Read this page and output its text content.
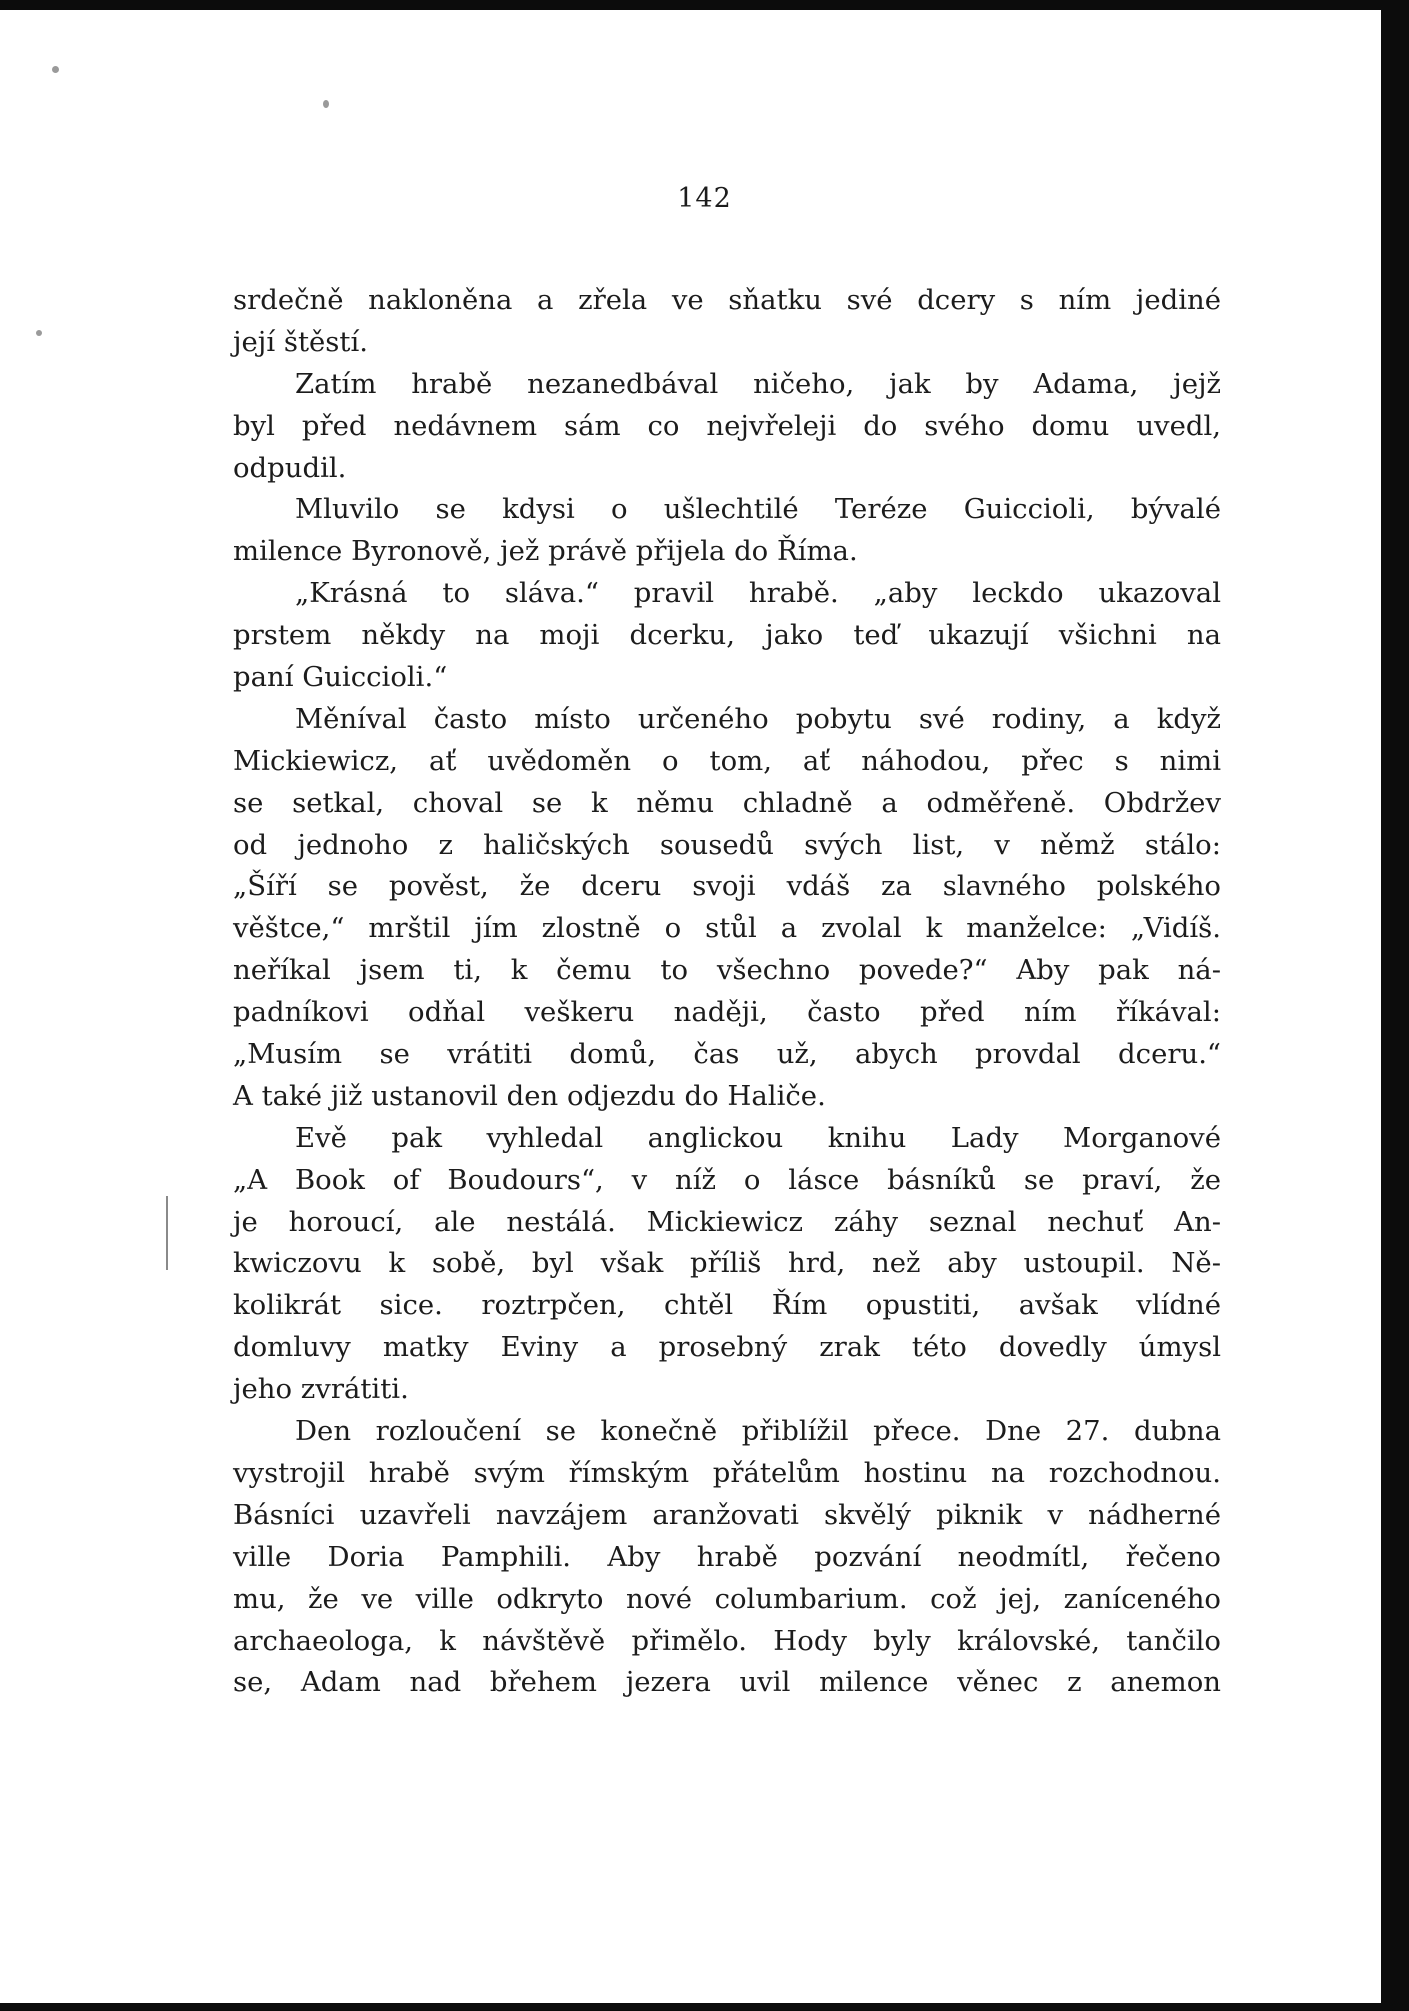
142
srdečně nakloněna a zřela ve sňatku své dcery s ním jediné
její štěstí.
Zatím hrabě nezanedbával ničeho, jak by Adama, jejž
byl před nedávnem sám co nejvřeleji do svého domu uvedl,
odpudil.
Mluvilo se kdysi o ušlechtilé Teréze Guiccioli, bývalé
milence Byronově, jež právě přijela do Říma.
„Krásná to sláva.“ pravil hrabě. „aby leckdo ukazoval
prstem někdy na moji dcerku, jako teď ukazují všichni na
paní Guiccioli.“
Měníval často místo určeného pobytu své rodiny, a když
Mickiewicz, ať uvědoměn o tom, ať náhodou, přec s nimi
se setkal, choval se k němu chladně a odměřeně. Obdržev
od jednoho z haličských sousedů svých list, v němž stálo:
„Šíří se pověst, že dceru svoji vdáš za slavného polského
věštce,“ mrštil jím zlostně o stůl a zvolal k manželce: „Vidíš.
neříkal jsem ti, k čemu to všechno povede?“ Aby pak ná-
padníkovi odňal veškeru naději, často před ním říkával:
„Musím se vrátiti domů, čas už, abych provdal dceru.“
A také již ustanovil den odjezdu do Haliče.
Evě pak vyhledal anglickou knihu Lady Morganové
„A Book of Boudours“, v níž o lásce básníků se praví, že
je horoucí, ale nestálá. Mickiewicz záhy seznal nechuť An-
kwiczovu k sobě, byl však příliš hrd, než aby ustoupil. Ně-
kolikrát sice. roztrpčen, chtěl Řím opustiti, avšak vlídné
domluvy matky Eviny a prosebný zrak této dovedly úmysl
jeho zvrátiti.
Den rozloučení se konečně přiblížil přece. Dne 27. dubna
vystrojil hrabě svým římským přátelům hostinu na rozchodnou.
Básníci uzavřeli navzájem aranžovati skvělý piknik v nádherné
ville Doria Pamphili. Aby hrabě pozvání neodmítl, řečeno
mu, že ve ville odkryto nové columbarium. což jej, zaníceného
archaeologa, k návštěvě přimělo. Hody byly královské, tančilo
se, Adam nad břehem jezera uvil milence věnec z anemon
